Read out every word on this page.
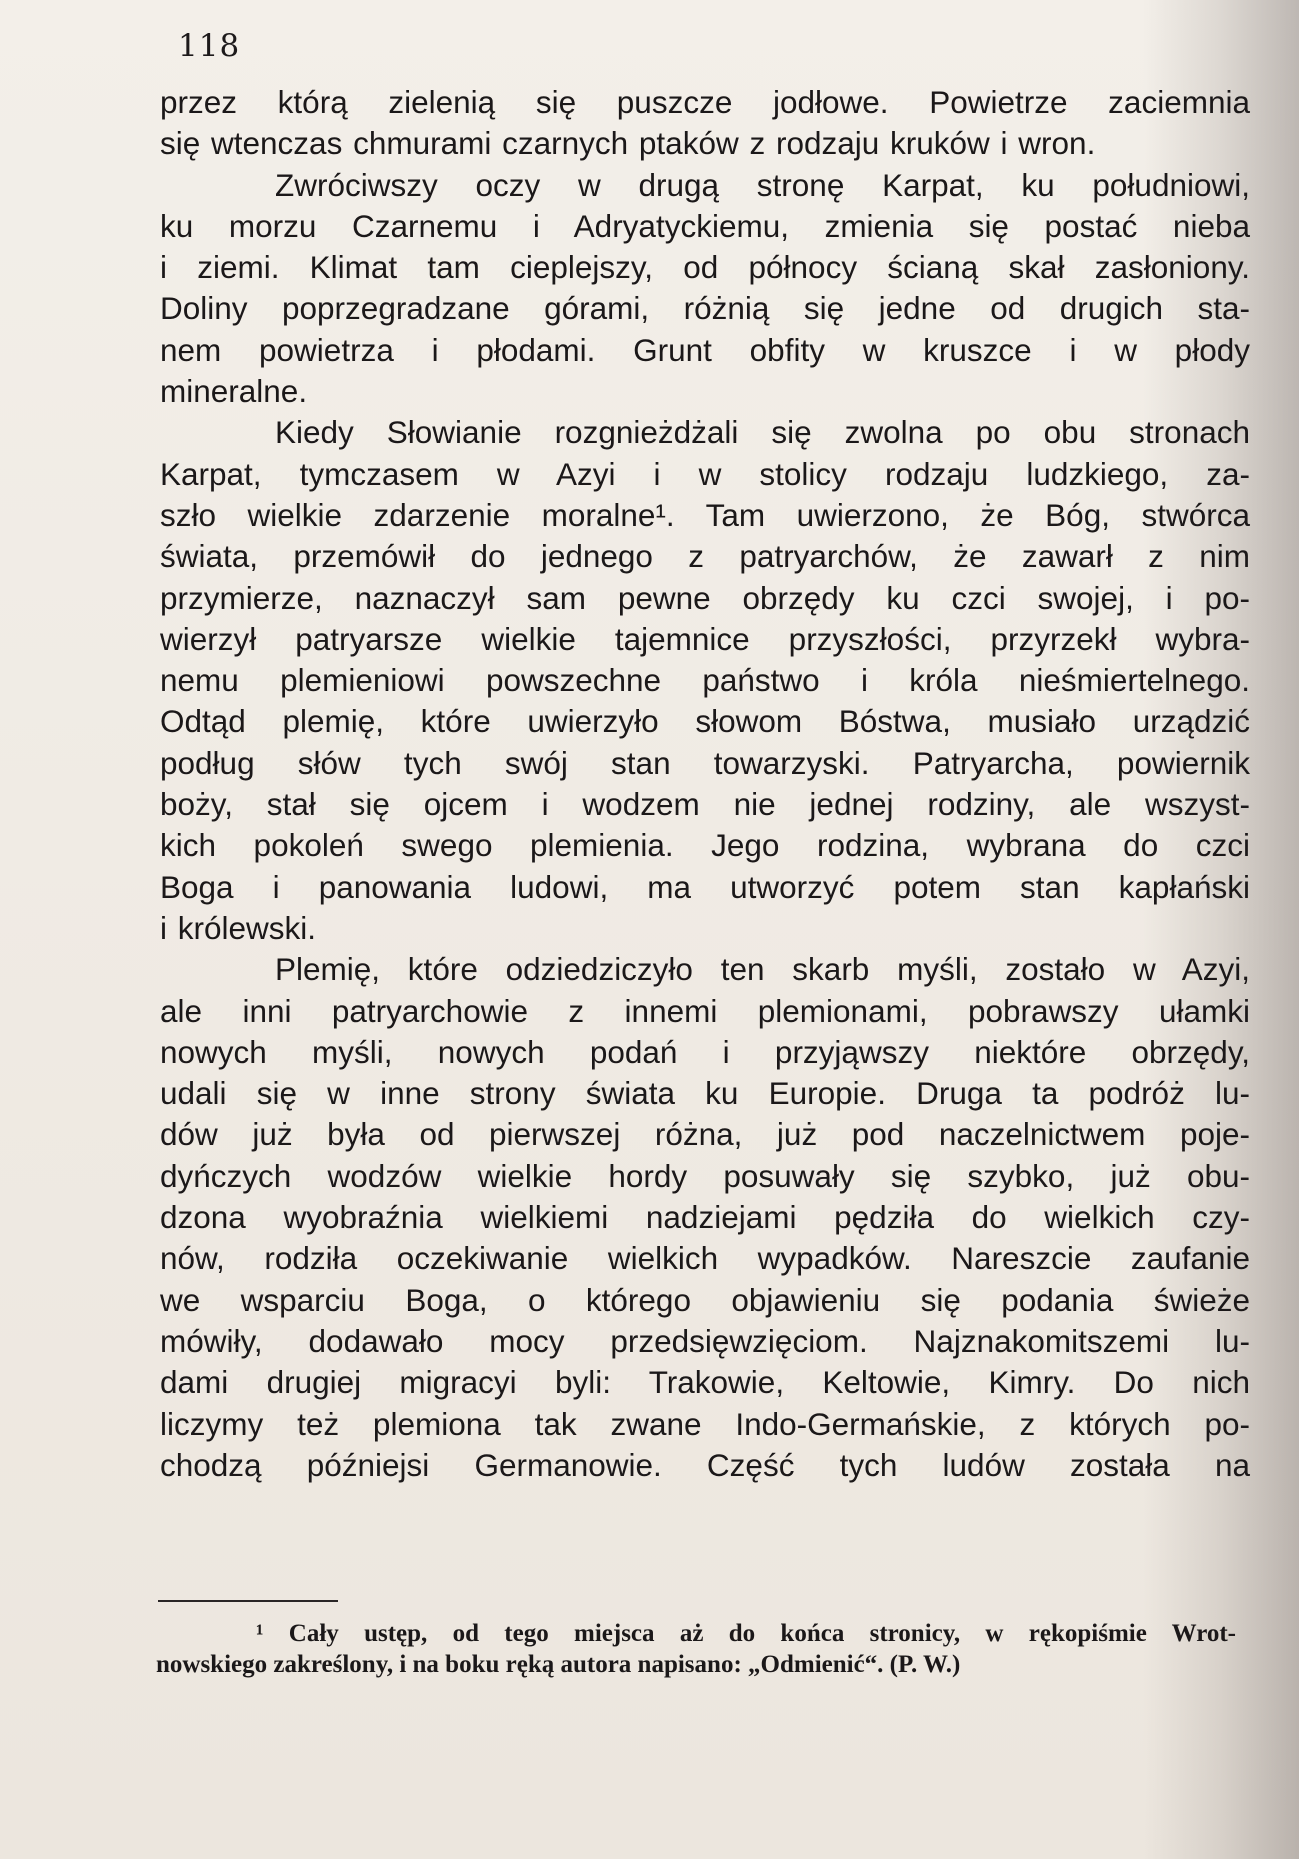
118
przez którą zielenią się puszcze jodłowe. Powietrze zaciemnia
się wtenczas chmurami czarnych ptaków z rodzaju kruków i wron.
Zwróciwszy oczy w drugą stronę Karpat, ku południowi,
ku morzu Czarnemu i Adryatyckiemu, zmienia się postać nieba
i ziemi. Klimat tam cieplejszy, od północy ścianą skał zasłoniony.
Doliny poprzegradzane górami, różnią się jedne od drugich sta-
nem powietrza i płodami. Grunt obfity w kruszce i w płody
mineralne.
Kiedy Słowianie rozgnieżdżali się zwolna po obu stronach
Karpat, tymczasem w Azyi i w stolicy rodzaju ludzkiego, za-
szło wielkie zdarzenie moralne¹. Tam uwierzono, że Bóg, stwórca
świata, przemówił do jednego z patryarchów, że zawarł z nim
przymierze, naznaczył sam pewne obrzędy ku czci swojej, i po-
wierzył patryarsze wielkie tajemnice przyszłości, przyrzekł wybra-
nemu plemieniowi powszechne państwo i króla nieśmiertelnego.
Odtąd plemię, które uwierzyło słowom Bóstwa, musiało urządzić
podług słów tych swój stan towarzyski. Patryarcha, powiernik
boży, stał się ojcem i wodzem nie jednej rodziny, ale wszyst-
kich pokoleń swego plemienia. Jego rodzina, wybrana do czci
Boga i panowania ludowi, ma utworzyć potem stan kapłański
i królewski.
Plemię, które odziedziczyło ten skarb myśli, zostało w Azyi,
ale inni patryarchowie z innemi plemionami, pobrawszy ułamki
nowych myśli, nowych podań i przyjąwszy niektóre obrzędy,
udali się w inne strony świata ku Europie. Druga ta podróż lu-
dów już była od pierwszej różna, już pod naczelnictwem poje-
dyńczych wodzów wielkie hordy posuwały się szybko, już obu-
dzona wyobraźnia wielkiemi nadziejami pędziła do wielkich czy-
nów, rodziła oczekiwanie wielkich wypadków. Nareszcie zaufanie
we wsparciu Boga, o którego objawieniu się podania świeże
mówiły, dodawało mocy przedsięwzięciom. Najznakomitszemi lu-
dami drugiej migracyi byli: Trakowie, Keltowie, Kimry. Do nich
liczymy też plemiona tak zwane Indo-Germańskie, z których po-
chodzą późniejsi Germanowie. Część tych ludów została na
¹ Cały ustęp, od tego miejsca aż do końca stronicy, w rękopiśmie Wrot-
nowskiego zakreślony, i na boku ręką autora napisano: „Odmienić“. (P. W.)
